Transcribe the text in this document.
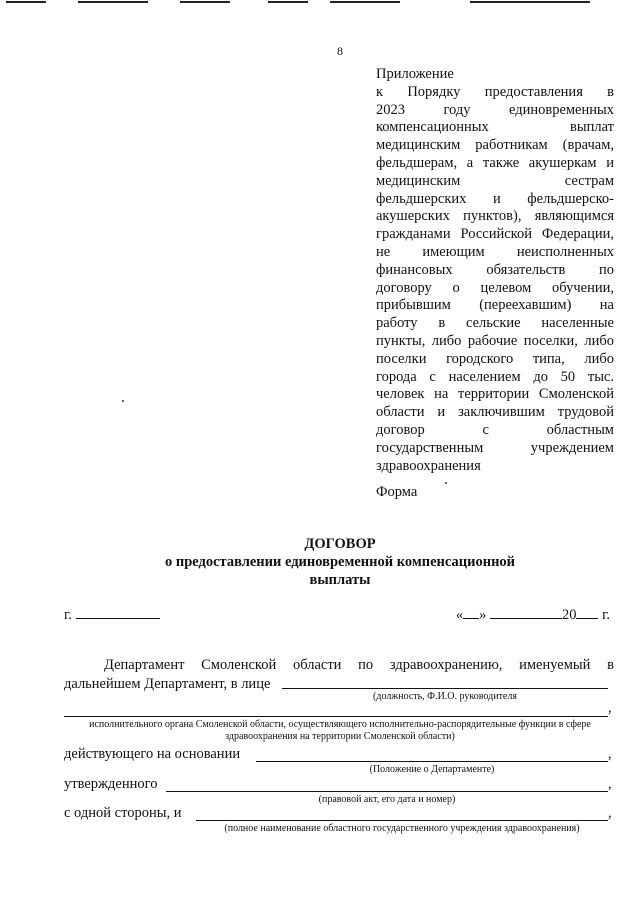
8
Приложение
к Порядку предоставления в
2023 году единовременных
компенсационных выплат
медицинским работникам (врачам,
фельдшерам, а также акушеркам и
медицинским сестрам
фельдшерских и фельдшерско-
акушерских пунктов), являющимся
гражданами Российской Федерации,
не имеющим неисполненных
финансовых обязательств по
договору о целевом обучении,
прибывшим (переехавшим) на
работу в сельские населенные
пункты, либо рабочие поселки, либо
поселки городского типа, либо
города с населением до 50 тыс.
человек на территории Смоленской
области и заключившим трудовой
договор с областным
государственным учреждением
здравоохранения
Форма
ДОГОВОР
о предоставлении единовременной компенсационной
выплаты
г.	« »	20 г.
Департамент Смоленской области по здравоохранению, именуемый в
дальнейшем Департамент, в лице
(должность, Ф.И.О. руководителя
,
исполнительного органа Смоленской области, осуществляющего исполнительно-распорядительные функции в сфере здравоохранения на территории Смоленской области)
действующего на основании	,
(Положение о Департаменте)
утвержденного	,
(правовой акт, его дата и номер)
с одной стороны, и	,
(полное наименование областного государственного учреждения здравоохранения)
